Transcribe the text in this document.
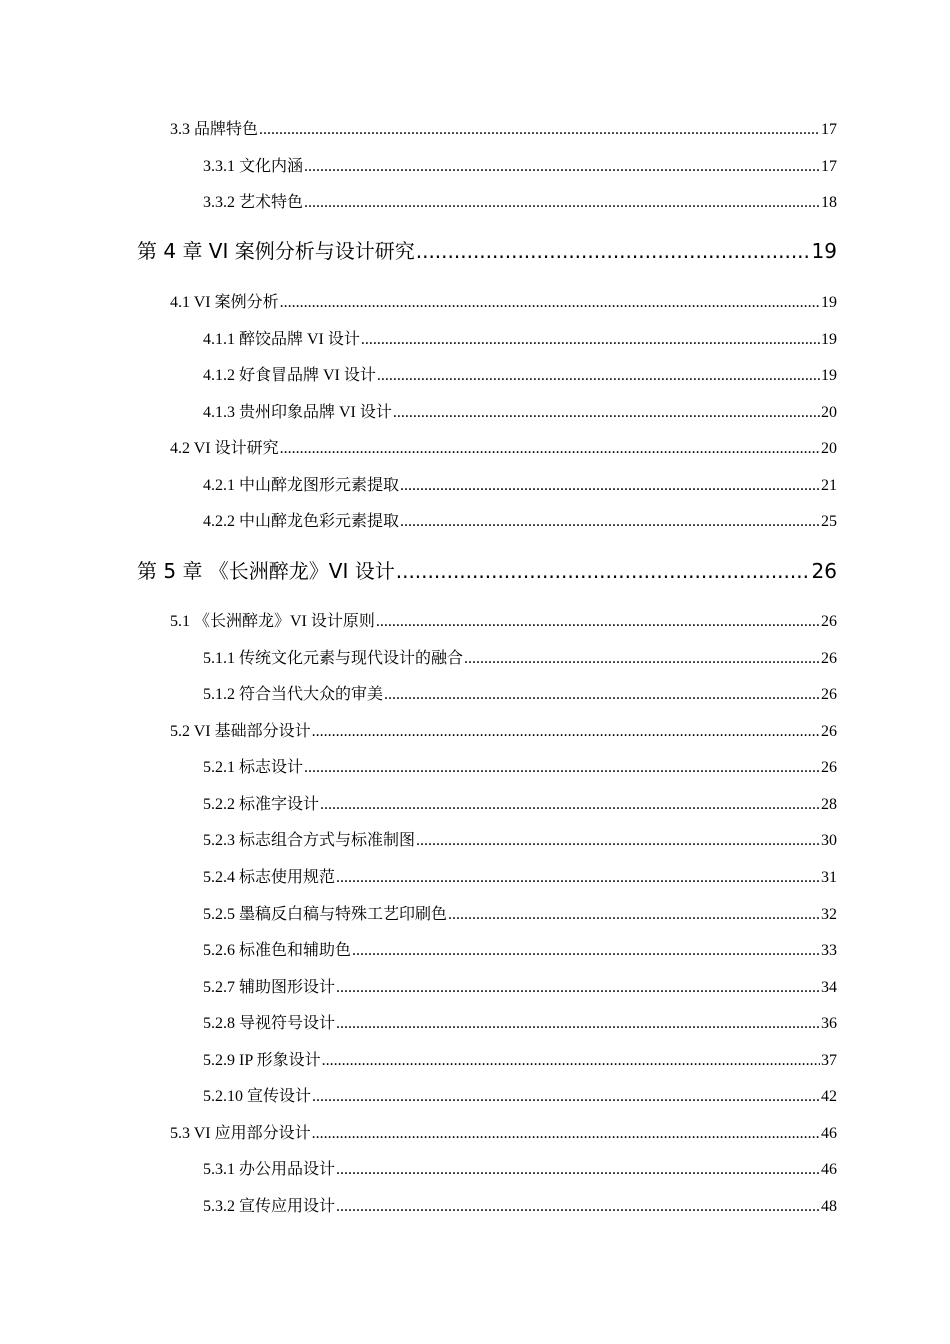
3.3 品牌特色 .....	17
3.3.1 文化内涵 .....	17
3.3.2 艺术特色 .....	18
第 4 章 VI 案例分析与设计研究 .....	19
4.1 VI 案例分析 .....	19
4.1.1 醉饺品牌 VI 设计 .....	19
4.1.2 好食冒品牌 VI 设计 .....	19
4.1.3 贵州印象品牌 VI 设计 .....	20
4.2 VI 设计研究 .....	20
4.2.1 中山醉龙图形元素提取 .....	21
4.2.2 中山醉龙色彩元素提取 .....	25
第 5 章 《长洲醉龙》VI 设计 .....	26
5.1 《长洲醉龙》VI 设计原则 .....	26
5.1.1 传统文化元素与现代设计的融合 .....	26
5.1.2 符合当代大众的审美 .....	26
5.2 VI 基础部分设计 .....	26
5.2.1 标志设计 .....	26
5.2.2 标准字设计 .....	28
5.2.3 标志组合方式与标准制图 .....	30
5.2.4 标志使用规范 .....	31
5.2.5 墨稿反白稿与特殊工艺印刷色 .....	32
5.2.6 标准色和辅助色 .....	33
5.2.7 辅助图形设计 .....	34
5.2.8 导视符号设计 .....	36
5.2.9 IP 形象设计 .....	37
5.2.10 宣传设计 .....	42
5.3 VI 应用部分设计 .....	46
5.3.1 办公用品设计 .....	46
5.3.2 宣传应用设计 .....	48
